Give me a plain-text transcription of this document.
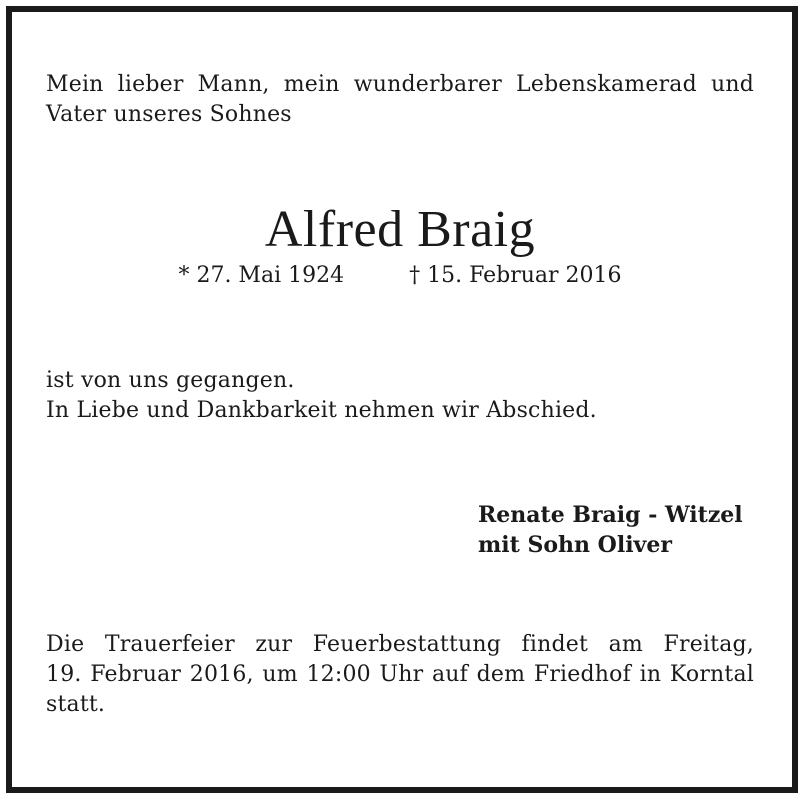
Mein lieber Mann, mein wunderbarer Lebenskamerad und
Vater unseres Sohnes
Alfred Braig
* 27. Mai 1924	† 15. Februar 2016
ist von uns gegangen.
In Liebe und Dankbarkeit nehmen wir Abschied.
Renate Braig - Witzel
mit Sohn Oliver
Die Trauerfeier zur Feuerbestattung findet am Freitag,
19. Februar 2016, um 12:00 Uhr auf dem Friedhof in Korntal
statt.
